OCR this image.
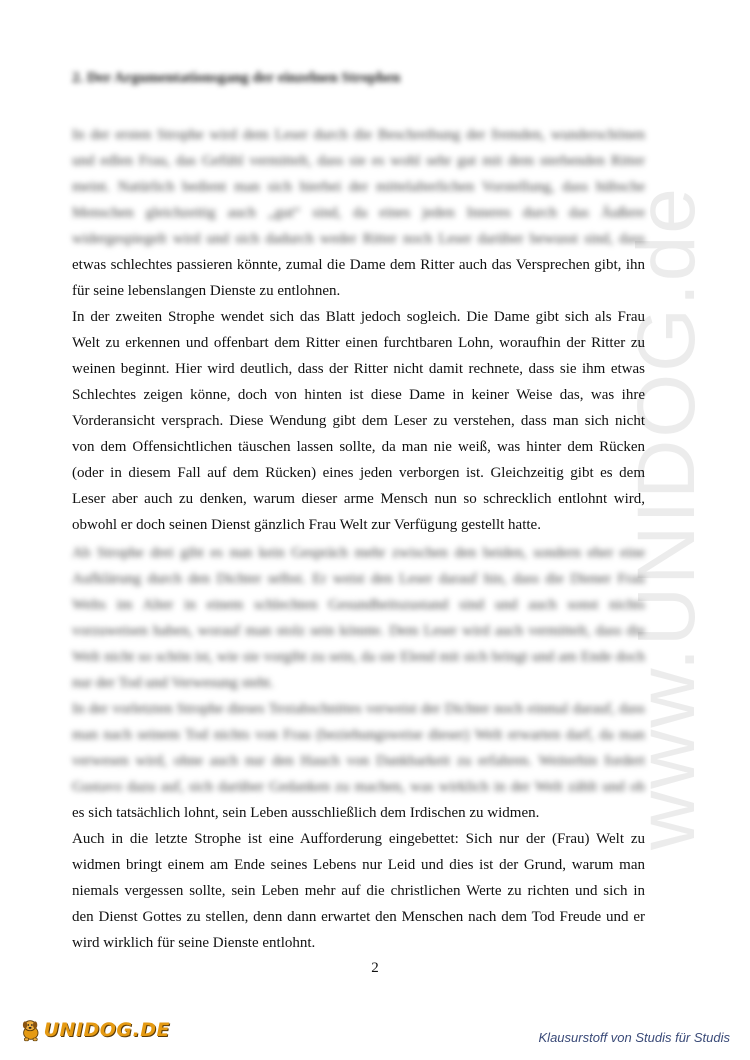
www.UNIDOG.de
2. Der Argumentationsgang der einzelnen Strophen
In der ersten Strophe wird dem Leser durch die Beschreibung der fremden, wunderschönen
und edlen Frau, das Gefühl vermittelt, dass sie es wohl sehr gut mit dem sterbenden Ritter
meint. Natürlich bedient man sich hierbei der mittelalterlichen Vorstellung, dass hübsche
Menschen gleichzeitig auch „gut“ sind, da eines jeden Inneres durch das Äußere
widergespiegelt wird und sich dadurch weder Ritter noch Leser darüber bewusst sind, dass
etwas schlechtes passieren könnte, zumal die Dame dem Ritter auch das Versprechen gibt, ihn
für seine lebenslangen Dienste zu entlohnen.
In der zweiten Strophe wendet sich das Blatt jedoch sogleich. Die Dame gibt sich als Frau
Welt zu erkennen und offenbart dem Ritter einen furchtbaren Lohn, woraufhin der Ritter zu
weinen beginnt. Hier wird deutlich, dass der Ritter nicht damit rechnete, dass sie ihm etwas
Schlechtes zeigen könne, doch von hinten ist diese Dame in keiner Weise das, was ihre
Vorderansicht versprach. Diese Wendung gibt dem Leser zu verstehen, dass man sich nicht
von dem Offensichtlichen täuschen lassen sollte, da man nie weiß, was hinter dem Rücken
(oder in diesem Fall auf dem Rücken) eines jeden verborgen ist. Gleichzeitig gibt es dem
Leser aber auch zu denken, warum dieser arme Mensch nun so schrecklich entlohnt wird,
obwohl er doch seinen Dienst gänzlich Frau Welt zur Verfügung gestellt hatte.
Ab Strophe drei gibt es nun kein Gespräch mehr zwischen den beiden, sondern eher eine
Aufklärung durch den Dichter selbst. Er weist den Leser darauf hin, dass die Diener Frau
Welts im Alter in einem schlechten Gesundheitszustand sind und auch sonst nichts
vorzuweisen haben, worauf man stolz sein könnte. Dem Leser wird auch vermittelt, dass die
Welt nicht so schön ist, wie sie vorgibt zu sein, da sie Elend mit sich bringt und am Ende doch
nur der Tod und Verwesung steht.
In der vorletzten Strophe dieses Textabschnittes verweist der Dichter noch einmal darauf, dass
man nach seinem Tod nichts von Frau (beziehungsweise dieser) Welt erwarten darf, da man
verwesen wird, ohne auch nur den Hauch von Dankbarkeit zu erfahren. Weiterhin fordert
Gustavo dazu auf, sich darüber Gedanken zu machen, was wirklich in der Welt zählt und ob
es sich tatsächlich lohnt, sein Leben ausschließlich dem Irdischen zu widmen.
Auch in die letzte Strophe ist eine Aufforderung eingebettet: Sich nur der (Frau) Welt zu
widmen bringt einem am Ende seines Lebens nur Leid und dies ist der Grund, warum man
niemals vergessen sollte, sein Leben mehr auf die christlichen Werte zu richten und sich in
den Dienst Gottes zu stellen, denn dann erwartet den Menschen nach dem Tod Freude und er
wird wirklich für seine Dienste entlohnt.
2
UNIDOG.DE	Klausurstoff von Studis für Studis
